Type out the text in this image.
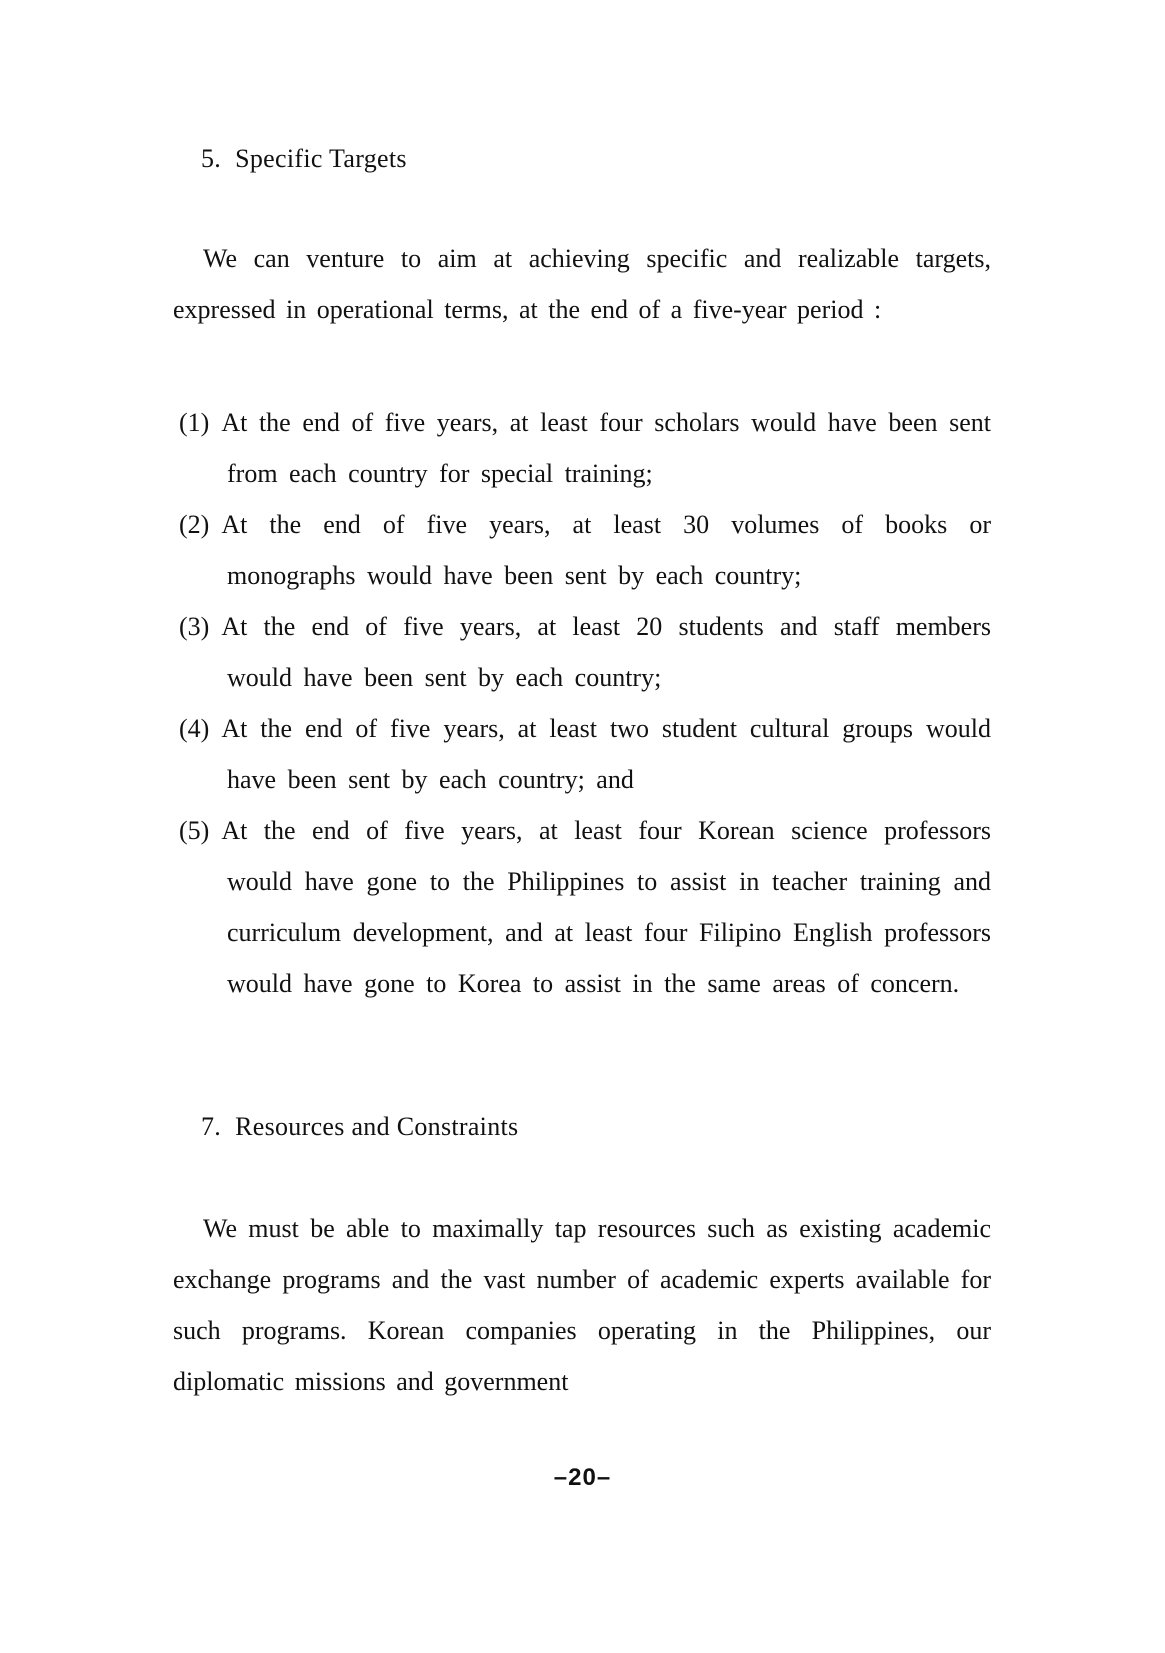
5. Specific Targets

We can venture to aim at achieving specific and realizable targets, expressed in operational terms, at the end of a five-year period :

(1) At the end of five years, at least four scholars would have been sent from each country for special training;
(2) At the end of five years, at least 30 volumes of books or monographs would have been sent by each country;
(3) At the end of five years, at least 20 students and staff members would have been sent by each country;
(4) At the end of five years, at least two student cultural groups would have been sent by each country; and
(5) At the end of five years, at least four Korean science professors would have gone to the Philippines to assist in teacher training and curriculum development, and at least four Filipino English professors would have gone to Korea to assist in the same areas of concern.
7. Resources and Constraints

We must be able to maximally tap resources such as existing academic exchange programs and the vast number of academic experts available for such programs. Korean companies operating in the Philippines, our diplomatic missions and government

–20–
